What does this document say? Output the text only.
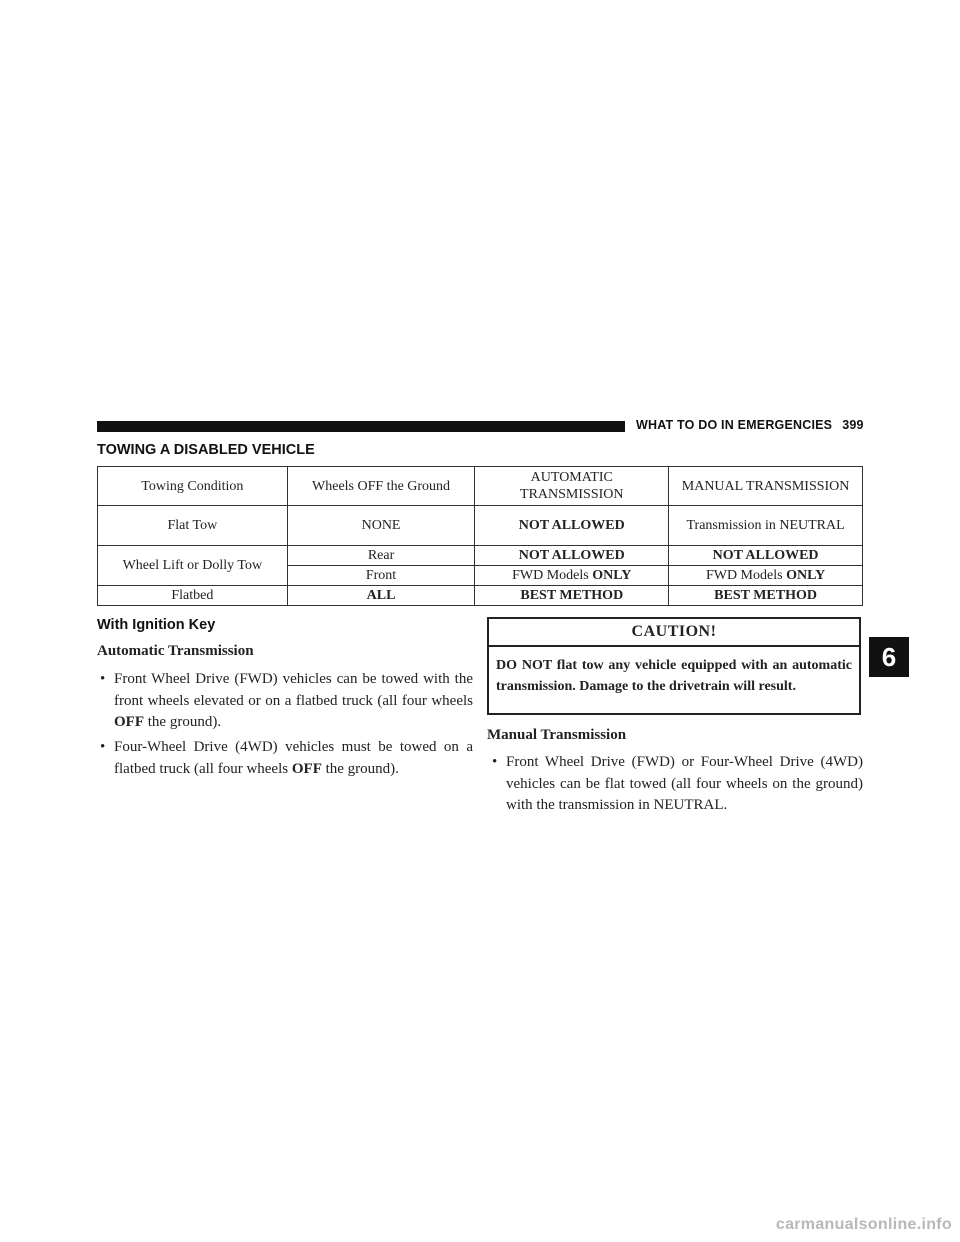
WHAT TO DO IN EMERGENCIES 399
TOWING A DISABLED VEHICLE
Towing Condition	Wheels OFF the Ground	AUTOMATIC TRANSMISSION	MANUAL TRANSMISSION
Flat Tow	NONE	NOT ALLOWED	Transmission in NEUTRAL
Wheel Lift or Dolly Tow	Rear	NOT ALLOWED	NOT ALLOWED
	Front	FWD Models ONLY	FWD Models ONLY
Flatbed	ALL	BEST METHOD	BEST METHOD
With Ignition Key
Automatic Transmission
• Front Wheel Drive (FWD) vehicles can be towed with the front wheels elevated or on a flatbed truck (all four wheels OFF the ground).
• Four-Wheel Drive (4WD) vehicles must be towed on a flatbed truck (all four wheels OFF the ground).
CAUTION!
DO NOT flat tow any vehicle equipped with an automatic transmission. Damage to the drivetrain will result.
Manual Transmission
• Front Wheel Drive (FWD) or Four-Wheel Drive (4WD) vehicles can be flat towed (all four wheels on the ground) with the transmission in NEUTRAL.
6
carmanualsonline.info
